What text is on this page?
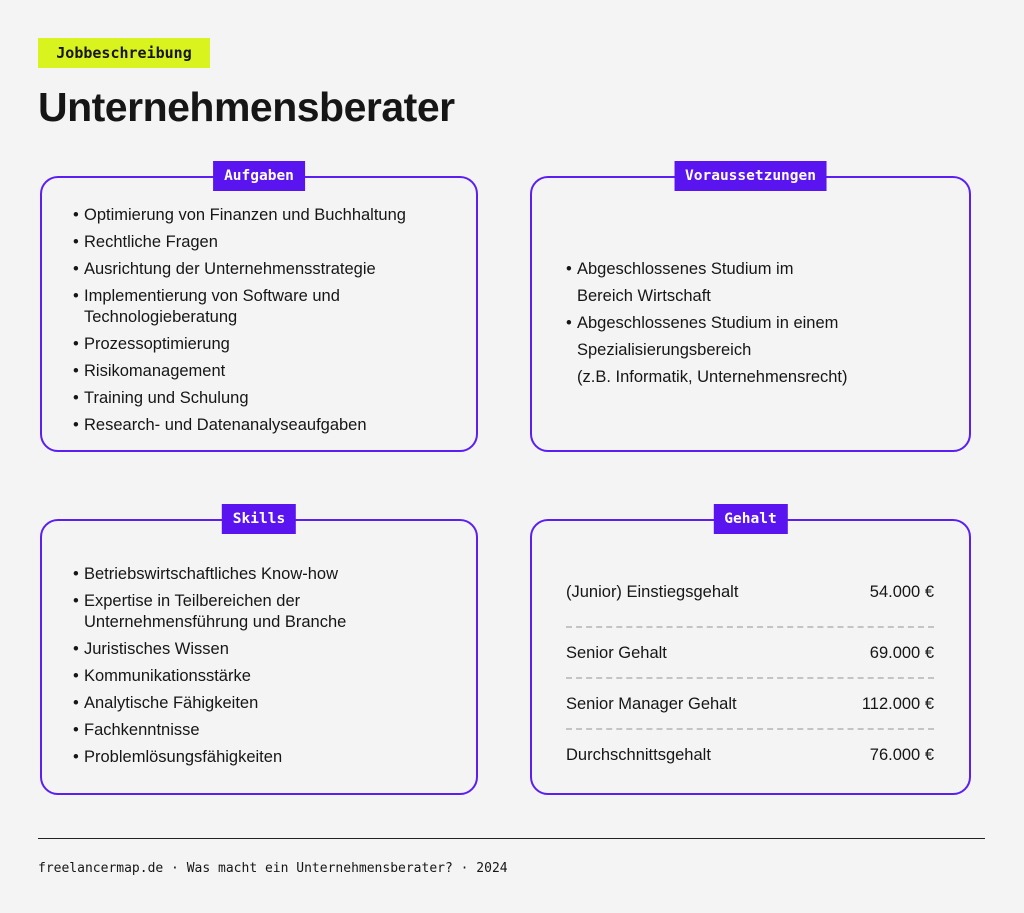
Jobbeschreibung
Unternehmensberater
Aufgaben
• Optimierung von Finanzen und Buchhaltung
• Rechtliche Fragen
• Ausrichtung der Unternehmensstrategie
• Implementierung von Software und
Technologieberatung
• Prozessoptimierung
• Risikomanagement
• Training und Schulung
• Research- und Datenanalyseaufgaben
Voraussetzungen
• Abgeschlossenes Studium im
Bereich Wirtschaft
• Abgeschlossenes Studium in einem
Spezialisierungsbereich
(z.B. Informatik, Unternehmensrecht)
Skills
• Betriebswirtschaftliches Know-how
• Expertise in Teilbereichen der
Unternehmensführung und Branche
• Juristisches Wissen
• Kommunikationsstärke
• Analytische Fähigkeiten
• Fachkenntnisse
• Problemlösungsfähigkeiten
Gehalt
(Junior) Einstiegsgehalt	54.000 €
Senior Gehalt	69.000 €
Senior Manager Gehalt	112.000 €
Durchschnittsgehalt	76.000 €
freelancermap.de · Was macht ein Unternehmensberater? · 2024
